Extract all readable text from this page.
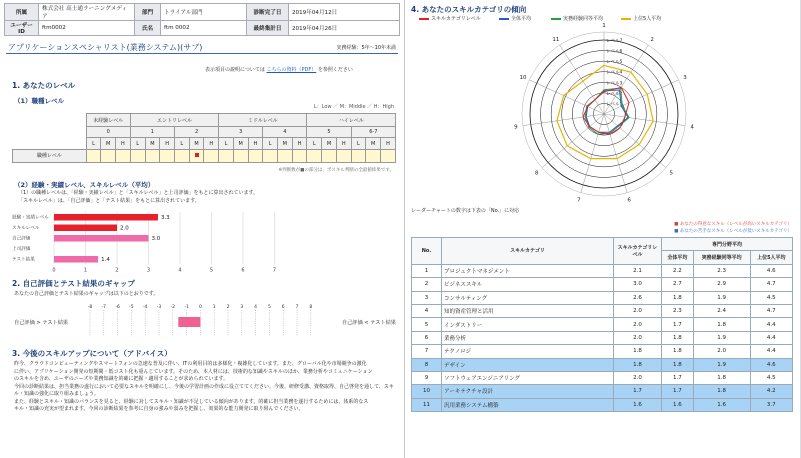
所属	株式会社 高士通ラーニングメディア	部門	トライアル部門	診断完了日	2019年04月12日
ユーザーID	ftm0002	氏名	ftm 0002	最終集計日	2019年04月26日
アプリケーションスペシャリスト(業務システム)(サブ)	実務経験：5年〜10年未満
表示項目の説明については こちらの資料（PDF） を参照ください
1. あなたのレベル
（1）職種レベル
L：Low ／ M：Middle ／ H：High
	未経験レベル			エントリレベル						ミドルレベル						ハイレベル					
	0			1			2			3			4			5			6-7		
	L	M	H	L	M	H	L	M	H	L	M	H	L	M	H	L	M	H	L	M	H
職種レベル																					
※判断数が■の部分は、ポスキル判断の全最値結果です。
（2）経験・実績レベル、スキルレベル（平均）
（1）の職種レベルは、「経験・実績レベル」と「スキルレベル」と上司評価」をもとに算出されています。
「スキルレベル」は、「自己評価」と「テスト結果」をもとに算出されています。
0	1	2	3	4	5	6	7
経験・実績レベル	3.3
スキルレベル	2.0
自己評価	3.0
上司評価
テスト結果	1.4
2. 自己評価とテスト結果のギャップ
あなたの自己評価とテスト結果のギャップは以下のとおりです。
-8 -7 -6 -5 -4 -3 -2 -1 0 1 2 3 4 5 6 7 8
自己評価 > テスト結果	自己評価 < テスト結果
3. 今後のスキルアップについて（アドバイス）
昨今、クラウドコンピューティングやスマートフォンの急速な普及に伴い、ITの利用目的は多様化・複雑化しています。また、グローバル化や市場競争の激化
に伴い、アプリケーション開発の短期間・低コスト化も重んじています。そのため、本人材には、技術的な知識やスキルのほか、業務分析やコミュニケーション
のスキルを含め、ユーザのニーズや業務知識を的確に把握・適用することが求められています。
今回の診断結果は、担当業務の遂行において必要なスキルを明確にし、今後の学習計画の作成に役立ててください。今後、研修受講、資格取得、自己啓発を通して、スキ
ル・知識の強化に取り組みましょう。
また、経験とスキル・知識のバランスを見ると、経験に対してスキル・知識が不足している傾向があります。的確に担当業務を遂行するためには、体系的なス
キル・知識の充実が望まれます。今回の診断結果を参考に自身の強みや弱みを把握し、効果的な能力開発に取り組んでください。
4. あなたのスキルカテゴリの傾向
スキルカテゴリレベル	全体平均	実務経験同等平均	上位5人平均
1
2
3
4
5
6
7
8
9
10
11	レベル7
レベル6
レベル5
レベル4
レベル3
レベル2
レベル1
レーダーチャートの数字は下表の「No.」に対応
■ あなたの得意なスキル（レベルが高いスキルカテゴリ）
■ あなたの苦手なスキル（レベルが低いスキルカテゴリ）
No.	スキルカテゴリ	スキルカテゴリレベル	専門分野平均		
			全体平均	実務経験同等平均	上位5人平均
1	プロジェクトマネジメント	2.1	2.2	2.3	4.6
2	ビジネススキル	3.0	2.7	2.9	4.7
3	コンサルティング	2.6	1.8	1.9	4.5
4	知的資産管理と活用	2.0	2.3	2.4	4.7
5	インダストリー	2.0	1.7	1.8	4.4
6	業務分析	2.0	1.8	1.9	4.4
7	テクノロジ	1.8	1.8	2.0	4.4
8	デザイン	1.8	1.8	1.9	4.6
9	ソフトウェアエンジニアリング	2.0	1.7	1.8	4.5
10	アーキテクチャ設計	1.7	1.7	1.8	4.2
11	汎用業務システム構築	1.6	1.6	1.6	3.7
